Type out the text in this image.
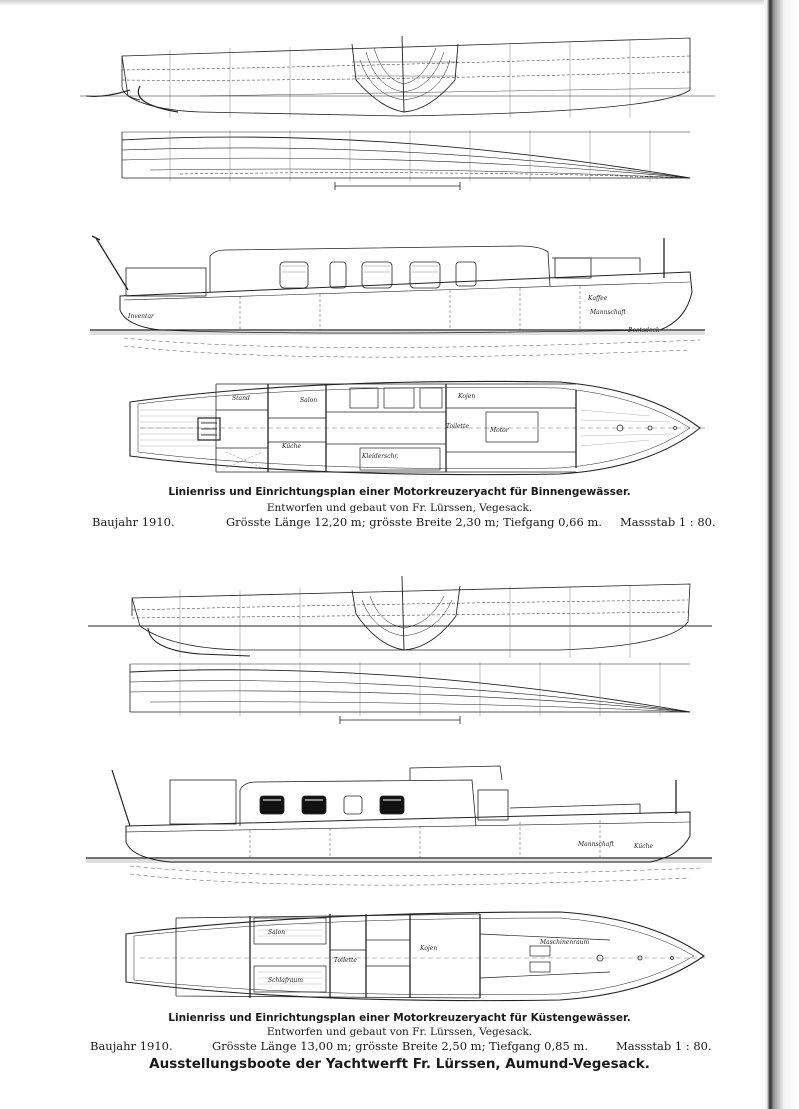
Inventar
Kaffee
Mannschaft
Bootsdeck
Stand	Salon
Toilette
Küche
Kleiderschr.
Motor
Kojen
Linienriss und Einrichtungsplan einer Motorkreuzeryacht für Binnengewässer.
Entworfen und gebaut von Fr. Lürssen, Vegesack.
Baujahr 1910.	Grösste Länge 12,20 m; grösste Breite 2,30 m; Tiefgang 0,66 m. Massstab 1 : 80.
Mannschaft	Küche
Salon
Schlafraum
Toilette
Maschinenraum
Kojen
Linienriss und Einrichtungsplan einer Motorkreuzeryacht für Küstengewässer.
Entworfen und gebaut von Fr. Lürssen, Vegesack.
Baujahr 1910.	Grösste Länge 13,00 m; grösste Breite 2,50 m; Tiefgang 0,85 m. Massstab 1 : 80.
Ausstellungsboote der Yachtwerft Fr. Lürssen, Aumund-Vegesack.
